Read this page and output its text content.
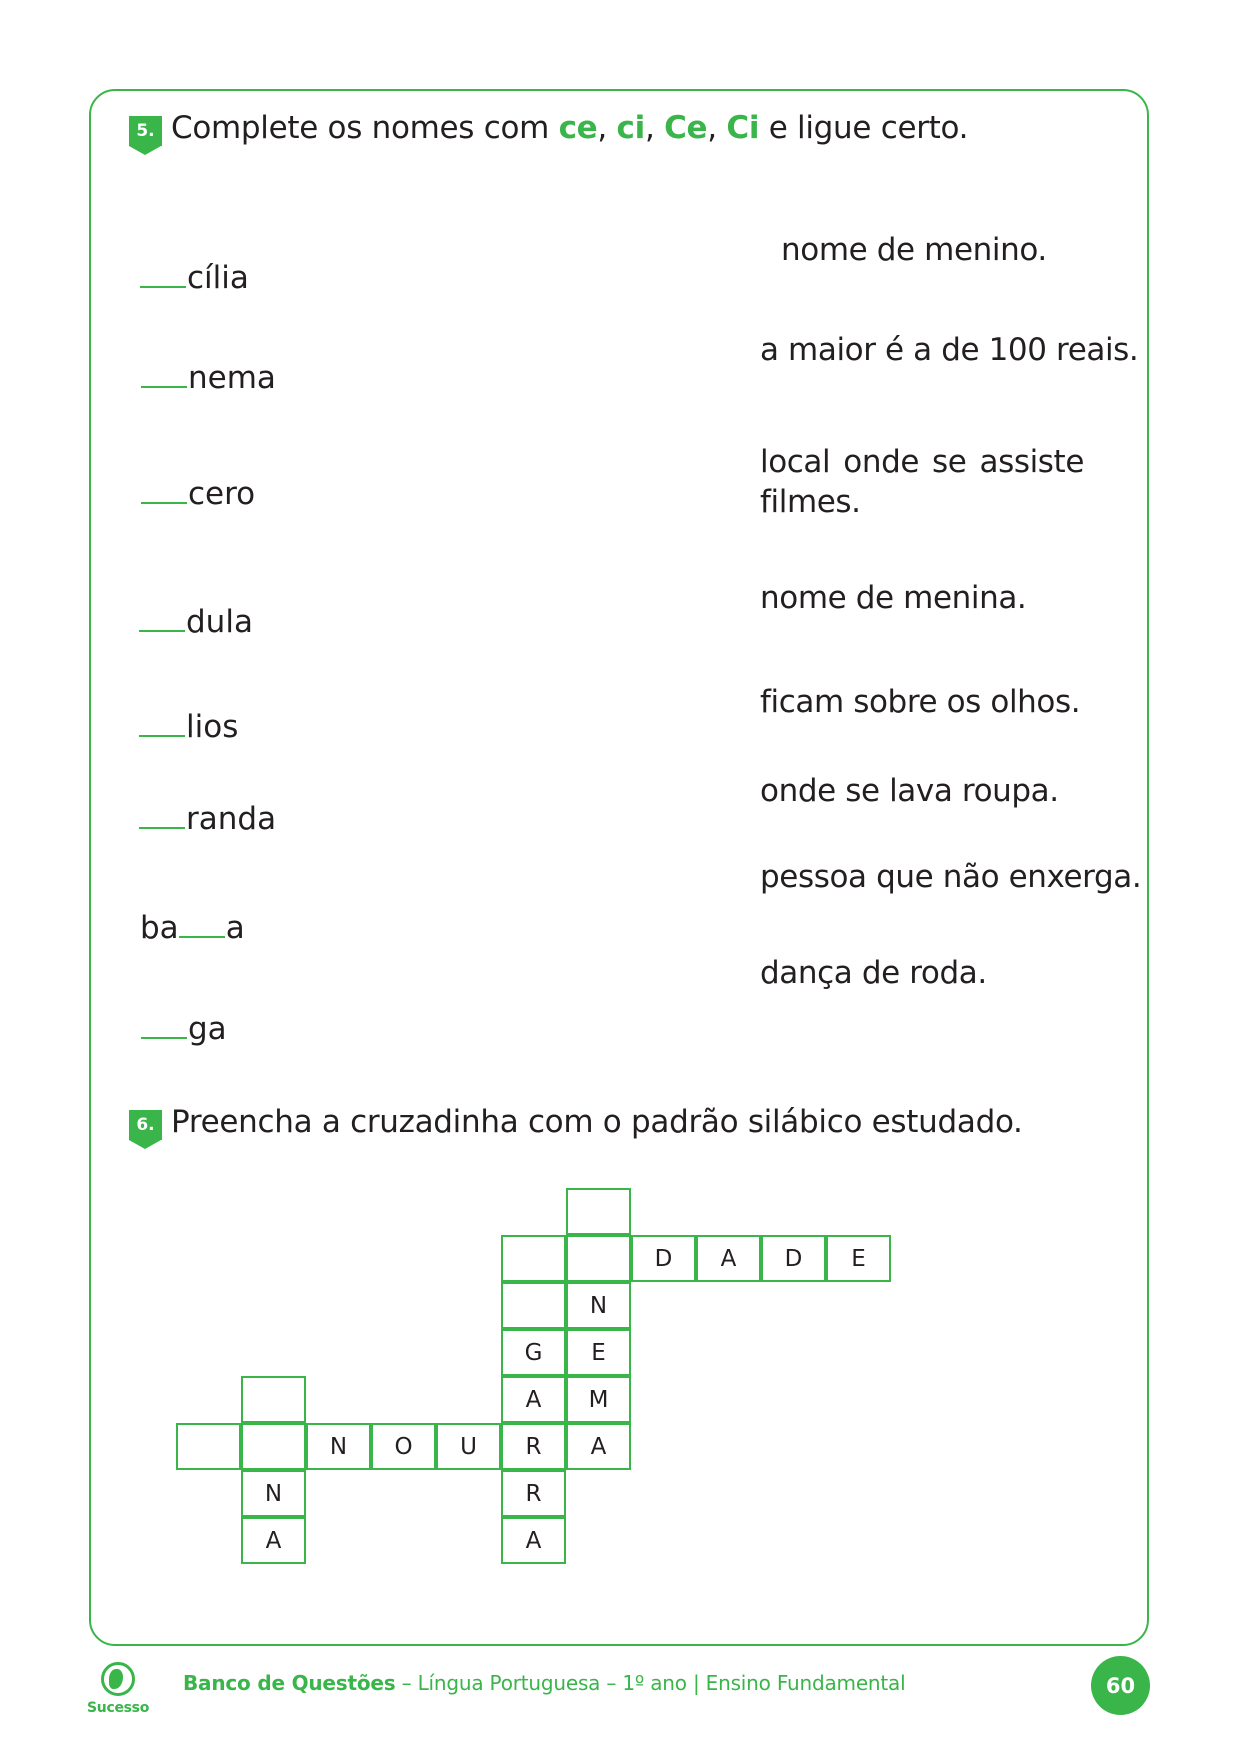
5. Complete os nomes com ce, ci, Ce, Ci e ligue certo.
cília
nema
cero
dula
lios
randa
ba a
ga
nome de menino.
a maior é a de 100 reais.
local onde se assiste filmes.
nome de menina.
ficam sobre os olhos.
onde se lava roupa.
pessoa que não enxerga.
dança de roda.
6. Preencha a cruzadinha com o padrão silábico estudado.
D	A	D	E
N
G	E
A	M
N	O	U	R	A
N	R
A	A
Sucesso
Banco de Questões – Língua Portuguesa – 1º ano | Ensino Fundamental	60
